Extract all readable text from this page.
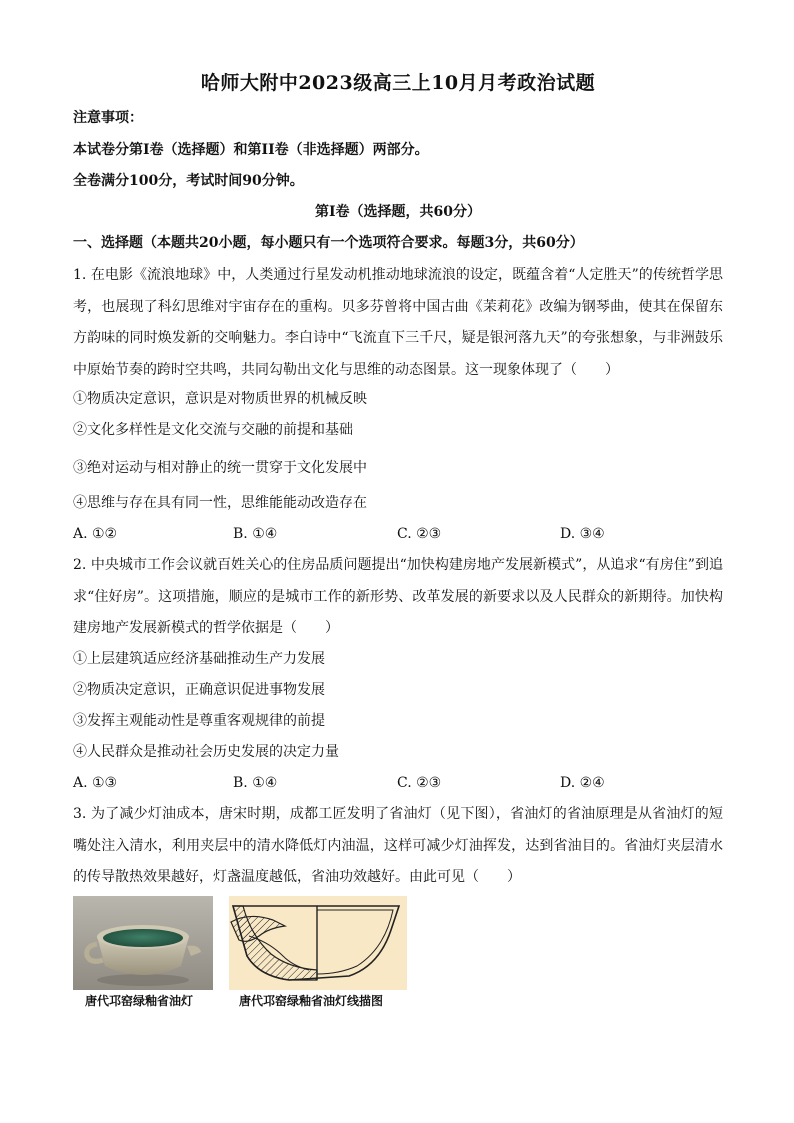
哈师大附中2023级高三上10月月考政治试题
注意事项：
本试卷分第Ⅰ卷（选择题）和第II卷（非选择题）两部分。
全卷满分100分，考试时间90分钟。
第Ⅰ卷（选择题，共60分）
一、选择题（本题共20小题，每小题只有一个选项符合要求。每题3分，共60分）
1. 在电影《流浪地球》中，人类通过行星发动机推动地球流浪的设定，既蕴含着“人定胜天”的传统哲学思考，也展现了科幻思维对宇宙存在的重构。贝多芬曾将中国古曲《茉莉花》改编为钢琴曲，使其在保留东方韵味的同时焕发新的交响魅力。李白诗中“飞流直下三千尺，疑是银河落九天”的夸张想象，与非洲鼓乐中原始节奏的跨时空共鸣，共同勾勒出文化与思维的动态图景。这一现象体现了（　　）
①物质决定意识，意识是对物质世界的机械反映
②文化多样性是文化交流与交融的前提和基础
③绝对运动与相对静止的统一贯穿于文化发展中
④思维与存在具有同一性，思维能能动改造存在
A. ①②	B. ①④	C. ②③	D. ③④
2. 中央城市工作会议就百姓关心的住房品质问题提出“加快构建房地产发展新模式”，从追求“有房住”到追求“住好房”。这项措施，顺应的是城市工作的新形势、改革发展的新要求以及人民群众的新期待。加快构建房地产发展新模式的哲学依据是（　　）
①上层建筑适应经济基础推动生产力发展
②物质决定意识，正确意识促进事物发展
③发挥主观能动性是尊重客观规律的前提
④人民群众是推动社会历史发展的决定力量
A. ①③	B. ①④	C. ②③	D. ②④
3. 为了减少灯油成本，唐宋时期，成都工匠发明了省油灯（见下图），省油灯的省油原理是从省油灯的短嘴处注入清水，利用夹层中的清水降低灯内油温，这样可减少灯油挥发，达到省油目的。省油灯夹层清水的传导散热效果越好，灯盏温度越低，省油功效越好。由此可见（　　）
唐代邛窑绿釉省油灯	唐代邛窑绿釉省油灯线描图
